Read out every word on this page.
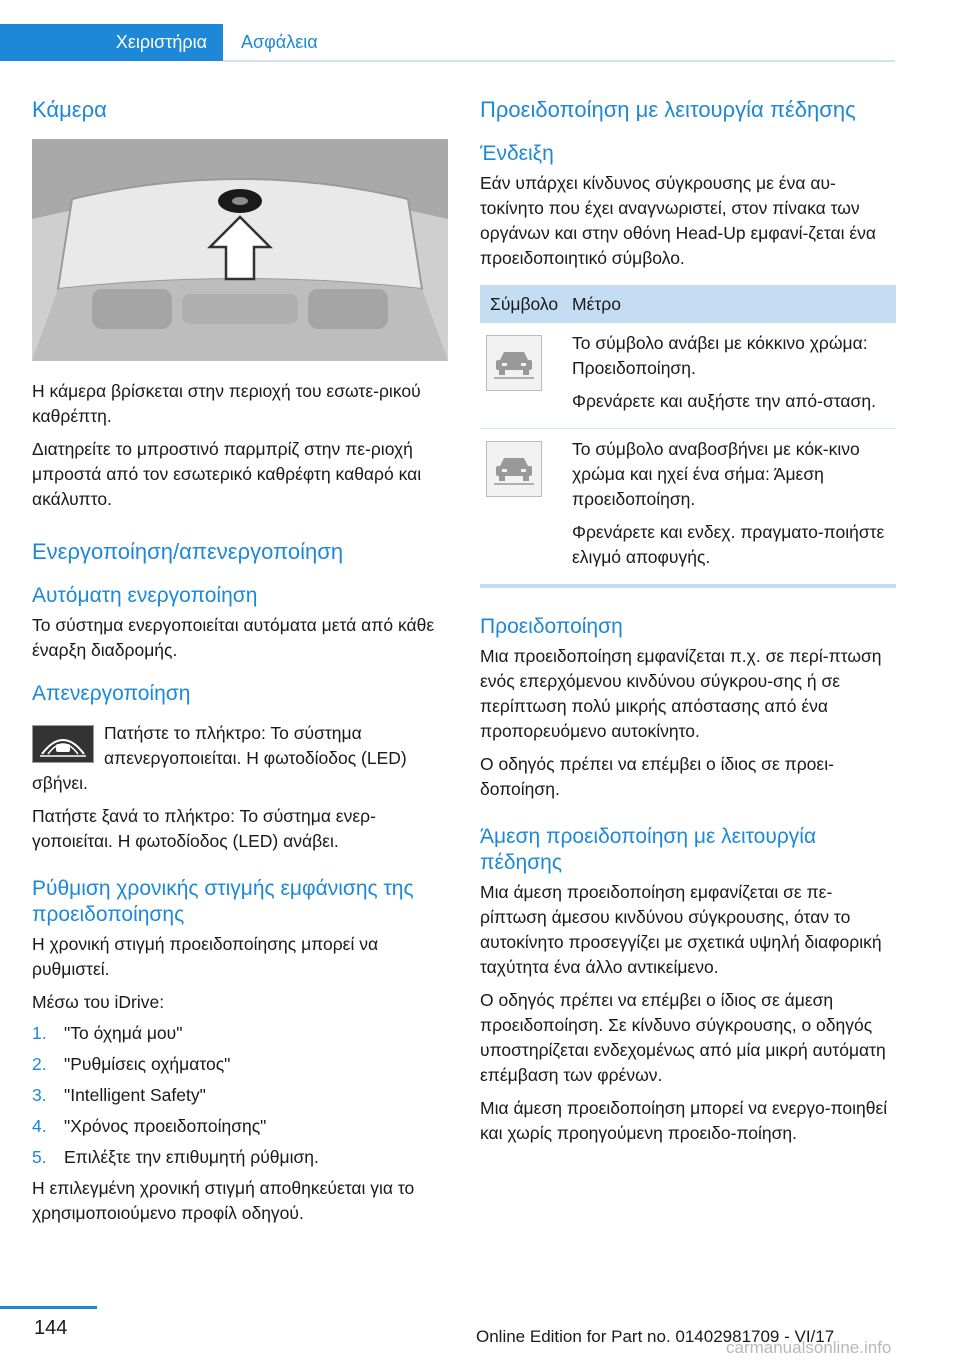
Χειριστήρια	Ασφάλεια
Κάμερα
Η κάμερα βρίσκεται στην περιοχή του εσωτε-ρικού καθρέπτη.
Διατηρείτε το μπροστινό παρμπρίζ στην πε-ριοχή μπροστά από τον εσωτερικό καθρέφτη καθαρό και ακάλυπτο.
Ενεργοποίηση/απενεργοποίηση
Αυτόματη ενεργοποίηση
Το σύστημα ενεργοποιείται αυτόματα μετά από κάθε έναρξη διαδρομής.
Απενεργοποίηση
Πατήστε το πλήκτρο: Το σύστημα απενεργοποιείται. Η φωτοδίοδος (LED) σβήνει.
Πατήστε ξανά το πλήκτρο: Το σύστημα ενερ-γοποιείται. Η φωτοδίοδος (LED) ανάβει.
Ρύθμιση χρονικής στιγμής εμφάνισης της προειδοποίησης
Η χρονική στιγμή προειδοποίησης μπορεί να ρυθμιστεί.
Μέσω του iDrive:
1. "Το όχημά μου"
2. "Ρυθμίσεις οχήματος"
3. "Intelligent Safety"
4. "Χρόνος προειδοποίησης"
5. Επιλέξτε την επιθυμητή ρύθμιση.
Η επιλεγμένη χρονική στιγμή αποθηκεύεται για το χρησιμοποιούμενο προφίλ οδηγού.
Προειδοποίηση με λειτουργία πέδησης
Ένδειξη
Εάν υπάρχει κίνδυνος σύγκρουσης με ένα αυ-τοκίνητο που έχει αναγνωριστεί, στον πίνακα των οργάνων και στην οθόνη Head-Up εμφανί-ζεται ένα προειδοποιητικό σύμβολο.
Σύμβολο Μέτρο
Το σύμβολο ανάβει με κόκκινο χρώμα: Προειδοποίηση.
Φρενάρετε και αυξήστε την από-σταση.
Το σύμβολο αναβοσβήνει με κόκ-κινο χρώμα και ηχεί ένα σήμα: Άμεση προειδοποίηση.
Φρενάρετε και ενδεχ. πραγματο-ποιήστε ελιγμό αποφυγής.
Προειδοποίηση
Μια προειδοποίηση εμφανίζεται π.χ. σε περί-πτωση ενός επερχόμενου κινδύνου σύγκρου-σης ή σε περίπτωση πολύ μικρής απόστασης από ένα προπορευόμενο αυτοκίνητο.
Ο οδηγός πρέπει να επέμβει ο ίδιος σε προει-δοποίηση.
Άμεση προειδοποίηση με λειτουργία πέδησης
Μια άμεση προειδοποίηση εμφανίζεται σε πε-ρίπτωση άμεσου κινδύνου σύγκρουσης, όταν το αυτοκίνητο προσεγγίζει με σχετικά υψηλή διαφορική ταχύτητα ένα άλλο αντικείμενο.
Ο οδηγός πρέπει να επέμβει ο ίδιος σε άμεση προειδοποίηση. Σε κίνδυνο σύγκρουσης, ο οδηγός υποστηρίζεται ενδεχομένως από μία μικρή αυτόματη επέμβαση των φρένων.
Μια άμεση προειδοποίηση μπορεί να ενεργο-ποιηθεί και χωρίς προηγούμενη προειδο-ποίηση.
144	Online Edition for Part no. 01402981709 - VI/17
carmanualsonline.info
